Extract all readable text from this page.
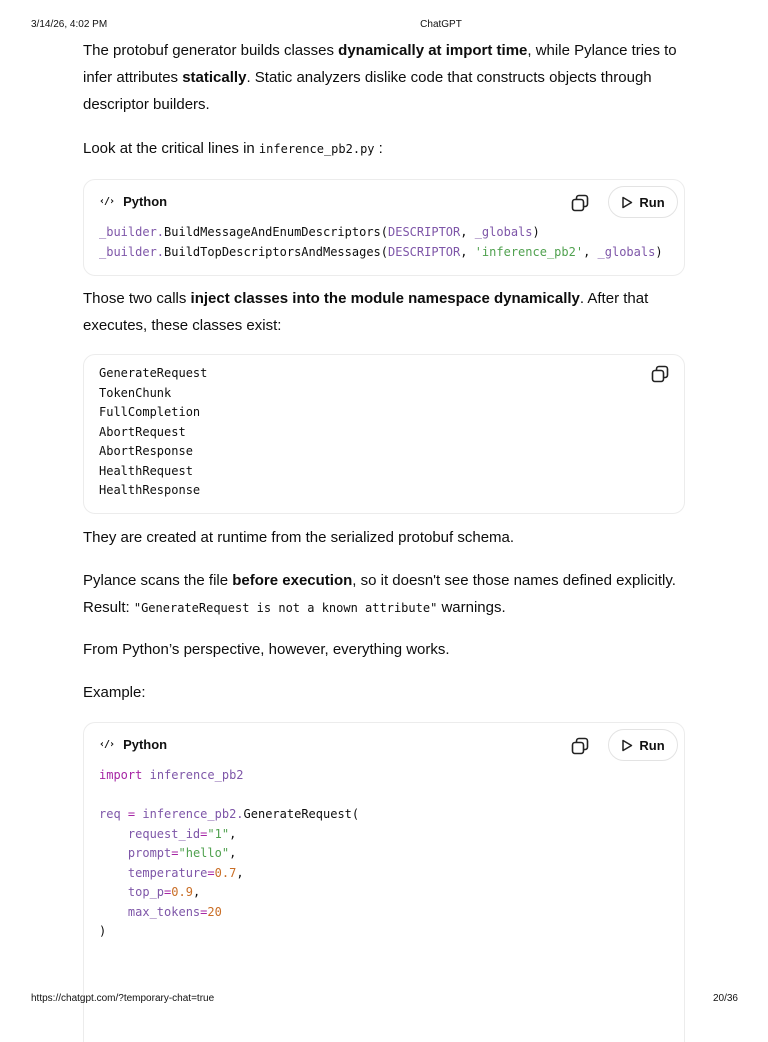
3/14/26, 4:02 PM	ChatGPT

The protobuf generator builds classes dynamically at import time, while Pylance tries to infer attributes statically. Static analyzers dislike code that constructs objects through descriptor builders.

Look at the critical lines in inference_pb2.py :

‹/› Python	Run
_builder.BuildMessageAndEnumDescriptors(DESCRIPTOR, _globals)
_builder.BuildTopDescriptorsAndMessages(DESCRIPTOR, 'inference_pb2', _globals)

Those two calls inject classes into the module namespace dynamically. After that executes, these classes exist:

GenerateRequest
TokenChunk
FullCompletion
AbortRequest
AbortResponse
HealthRequest
HealthResponse

They are created at runtime from the serialized protobuf schema.

Pylance scans the file before execution, so it doesn't see those names defined explicitly. Result: "GenerateRequest is not a known attribute" warnings.

From Python’s perspective, however, everything works.

Example:

‹/› Python	Run
import inference_pb2

req = inference_pb2.GenerateRequest(
request_id="1",
prompt="hello",
temperature=0.7,
top_p=0.9,
max_tokens=20
)
https://chatgpt.com/?temporary-chat=true	20/36
